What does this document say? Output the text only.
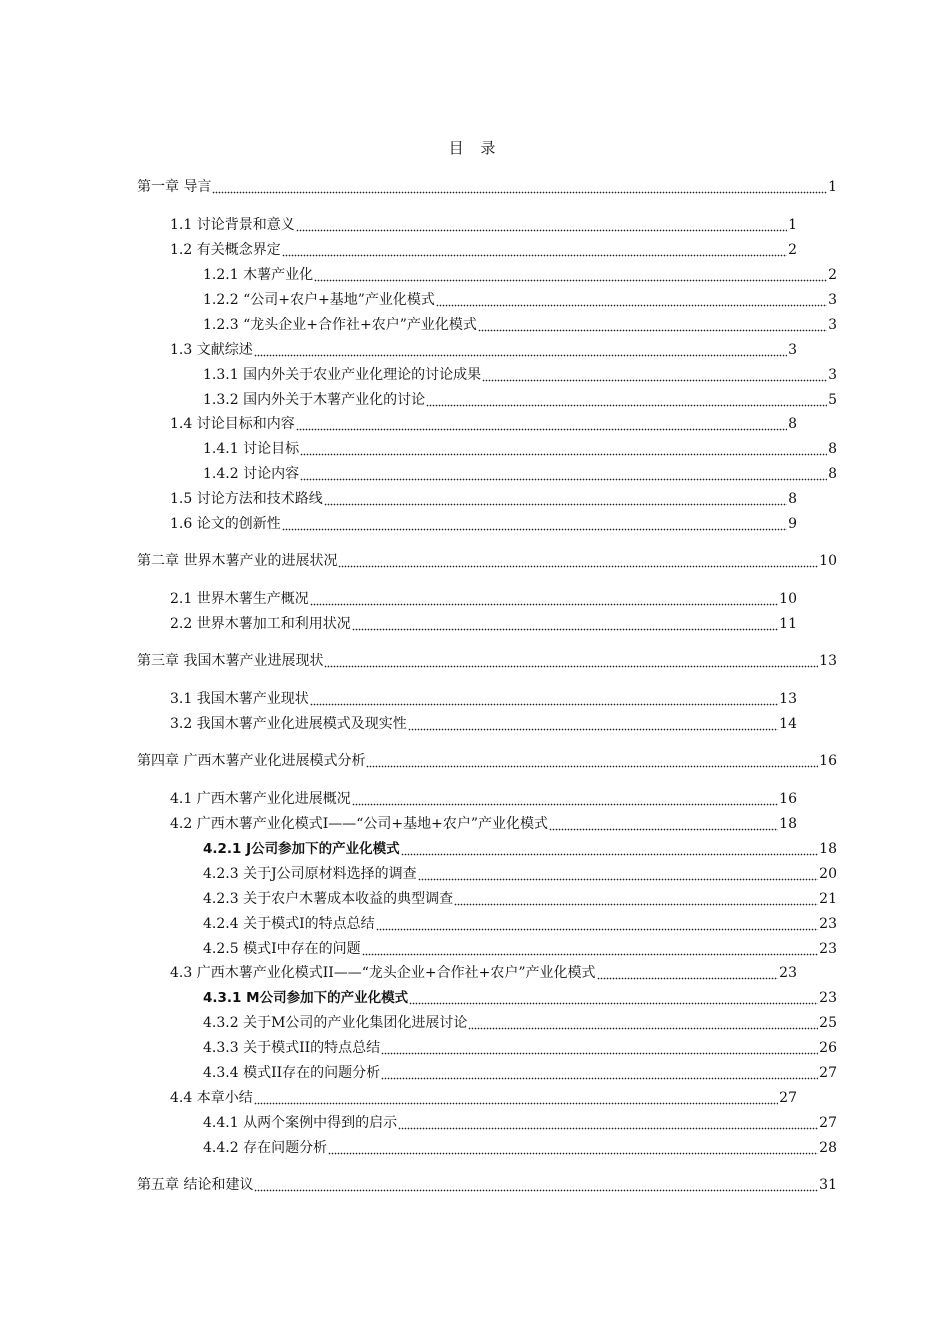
目 录
第一章 导言	1
1.1 讨论背景和意义	1
1.2 有关概念界定	2
1.2.1 木薯产业化	2
1.2.2 “公司+农户+基地”产业化模式	3
1.2.3 “龙头企业+合作社+农户”产业化模式	3
1.3 文献综述	3
1.3.1 国内外关于农业产业化理论的讨论成果	3
1.3.2 国内外关于木薯产业化的讨论	5
1.4 讨论目标和内容	8
1.4.1 讨论目标	8
1.4.2 讨论内容	8
1.5 讨论方法和技术路线	8
1.6 论文的创新性	9
第二章 世界木薯产业的进展状况	10
2.1 世界木薯生产概况	10
2.2 世界木薯加工和利用状况	11
第三章 我国木薯产业进展现状	13
3.1 我国木薯产业现状	13
3.2 我国木薯产业化进展模式及现实性	14
第四章 广西木薯产业化进展模式分析	16
4.1 广西木薯产业化进展概况	16
4.2 广西木薯产业化模式Ⅰ——“公司+基地+农户”产业化模式	18
4.2.1 J公司参加下的产业化模式	18
4.2.3 关于J公司原材料选择的调查	20
4.2.3 关于农户木薯成本收益的典型调查	21
4.2.4 关于模式Ⅰ的特点总结	23
4.2.5 模式Ⅰ中存在的问题	23
4.3 广西木薯产业化模式ⅠI——“龙头企业+合作社+农户”产业化模式	23
4.3.1 M公司参加下的产业化模式	23
4.3.2 关于M公司的产业化集团化进展讨论	25
4.3.3 关于模式II的特点总结	26
4.3.4 模式II存在的问题分析	27
4.4 本章小结	27
4.4.1 从两个案例中得到的启示	27
4.4.2 存在问题分析	28
第五章 结论和建议	31
